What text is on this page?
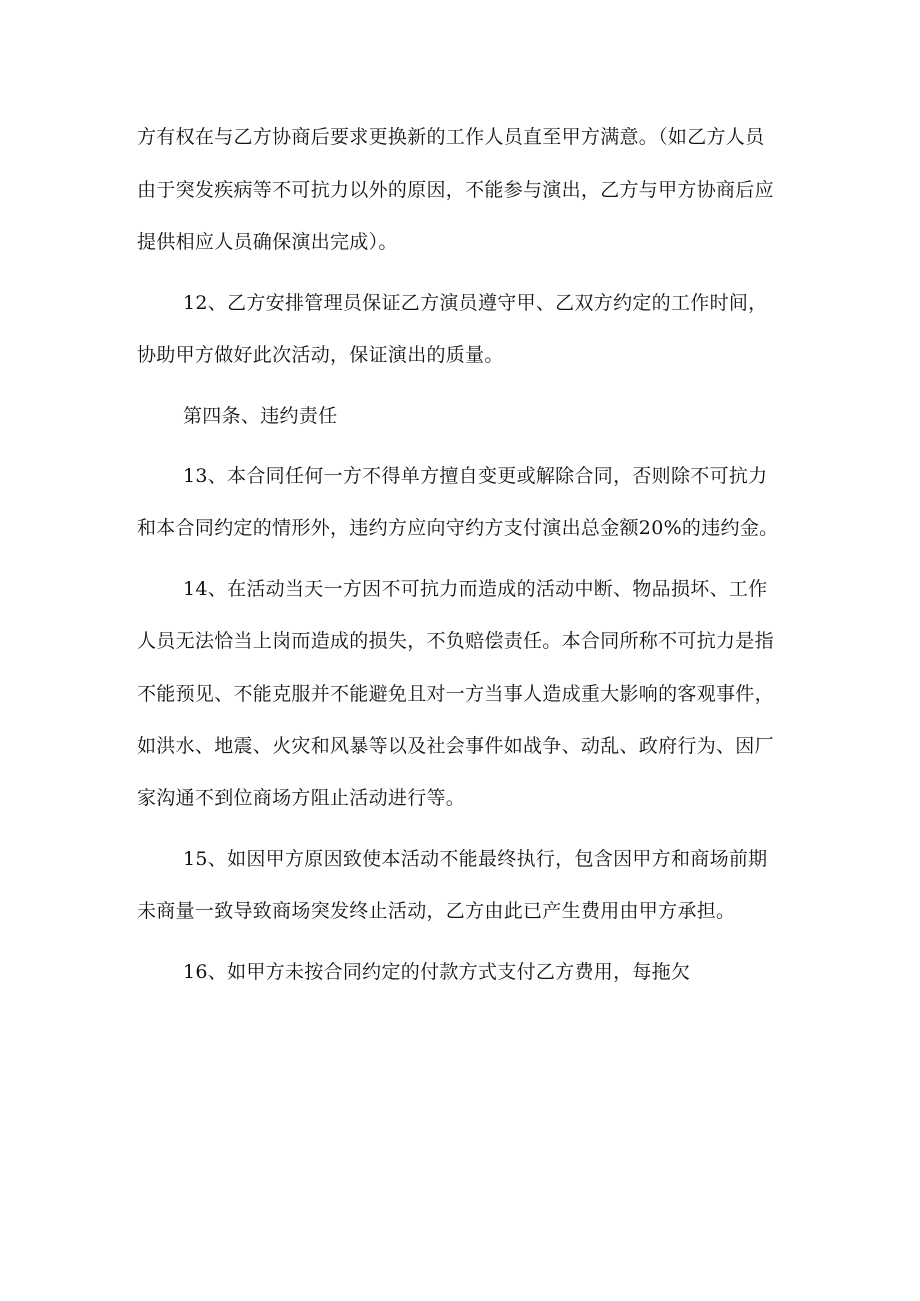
方有权在与乙方协商后要求更换新的工作人员直至甲方满意。（如乙方人员
由于突发疾病等不可抗力以外的原因，不能参与演出，乙方与甲方协商后应
提供相应人员确保演出完成）。
12、乙方安排管理员保证乙方演员遵守甲、乙双方约定的工作时间，
协助甲方做好此次活动，保证演出的质量。
第四条、违约责任
13、本合同任何一方不得单方擅自变更或解除合同，否则除不可抗力
和本合同约定的情形外，违约方应向守约方支付演出总金额20%的违约金。
14、在活动当天一方因不可抗力而造成的活动中断、物品损坏、工作
人员无法恰当上岗而造成的损失，不负赔偿责任。本合同所称不可抗力是指
不能预见、不能克服并不能避免且对一方当事人造成重大影响的客观事件，
如洪水、地震、火灾和风暴等以及社会事件如战争、动乱、政府行为、因厂
家沟通不到位商场方阻止活动进行等。
15、如因甲方原因致使本活动不能最终执行，包含因甲方和商场前期
未商量一致导致商场突发终止活动，乙方由此已产生费用由甲方承担。
16、如甲方未按合同约定的付款方式支付乙方费用，每拖欠
